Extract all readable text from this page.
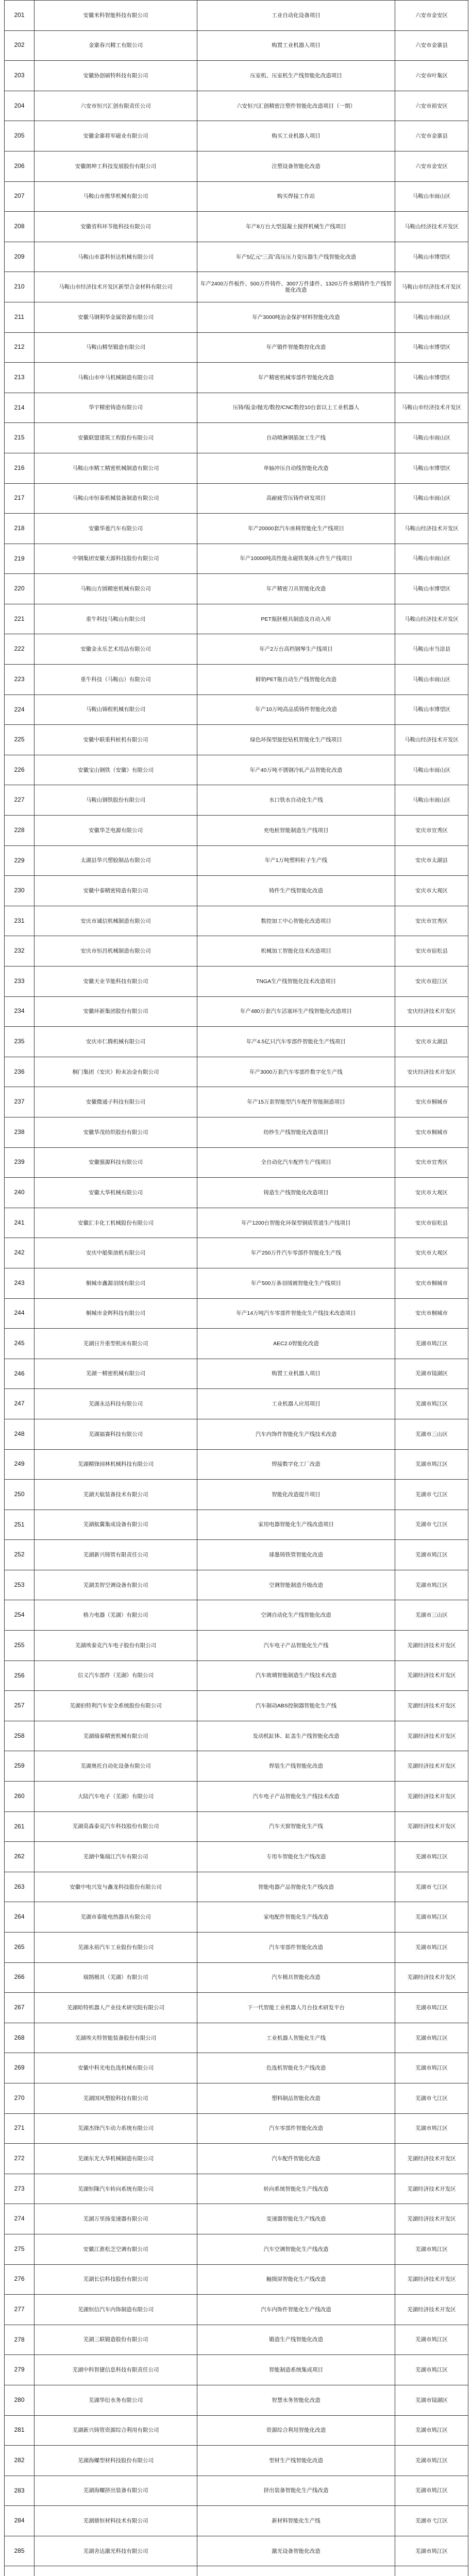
201	安徽米科智能科技有限公司	工业自动化设备项目	六安市金安区
202	金寨春兴精工有限公司	购置工业机器人项目	六安市金寨县
203	安徽协创硕特科技有限公司	压室机、压室机生产线智能化改造项目	六安市叶集区
204	六安市恒兴汇创有限责任公司	六安恒兴汇创精密注塑件智能化改造项目（一期）	六安市裕安区
205	安徽金寨将军磁业有限公司	购买工业机器人项目	六安市金寨县
206	安徽朗坤工科技发展股份有限公司	注塑设备智能化改造	六安市金安区
207	马鞍山市熊华机械有限公司	购买焊接工作站	马鞍山市雨山区
208	安徽省科环节能科技有限公司	年产8万台大型混凝土搅拌机械生产线项目	马鞍山经济技术开发区
209	马鞍山市嘉科恒达机械有限公司	年产5亿元“三高”高压压力变压器生产线智能化改造	马鞍山市博望区
210	马鞍山市经济技术开发区新型合金材料有限公司	年产2400万件板件、500万件铸件、3007万件漆件、1320万件水精铸件生产线智能化改造	马鞍山市经济技术开发区
211	安徽马钢利华金属资源有限公司	年产3000吨冶金保护材料智能化改造	马鞍山市雨山区
212	马鞍山精坚锻造有限公司	年产锻件智能数控化改造	马鞍山市博望区
213	马鞍山市申马机械制造有限公司	年产精密机械零部件智能化改造	马鞍山市博望区
214	华宇精密铸造有限公司	压铸/钣金/抛光/数控/CNC数控10台套以上工业机器人	马鞍山市经济技术开发区
215	安徽联盟建筑工程股份有限公司	自动喷淋钢筋加工生产线	马鞍山市雨山区
216	马鞍山市精工精密机械制造有限公司	单轴冲压自动线智能化改造	马鞍山市博望区
217	马鞍山市恒泰机械装备制造有限公司	高耐疲劳压铸件研发项目	马鞍山市雨山区
218	安徽华菱汽车有限公司	年产20000套汽车座椅智能化生产线项目	马鞍山经济技术开发区
219	中钢集团安徽天源科技股份有限公司	年产10000吨高性能永磁铁氧体元件生产线项目	马鞍山市雨山区
220	马鞍山方圆精密机械有限公司	年产精密刀具智能化改造	马鞍山市博望区
221	重牛科技马鞍山有限公司	PET瓶胚模具制造及自动入库	马鞍山经济技术开发区
222	安徽金永乐艺术用品有限公司	年产2万台高档钢琴生产线项目	马鞍山市当涂县
223	重牛科技（马鞍山）有限公司	鲜奶PET瓶自动生产线智能化改造	马鞍山市雨山区
224	马鞍山锦程机械有限公司	年产10万吨高品质铸件智能化改造	马鞍山市博望区
225	安徽中联重科桩机有限公司	绿色环保型旋挖钻机智能化生产线项目	马鞍山经济技术开发区
226	安徽宝山钢铁（安徽）有限公司	年产40万吨不锈钢冷轧产品智能化改造	马鞍山市雨山区
227	马鞍山钢铁股份有限公司	水口铁水自动化生产线	马鞍山市雨山区
228	安徽华芝电源有限公司	充电桩智能制造生产线项目	安庆市宜秀区
229	太湖县华兴塑胶制品有限公司	年产1万吨塑料粒子生产线	安庆市太湖县
230	安徽中泰精密铸造有限公司	铸件生产线智能化改造	安庆市大观区
231	安庆市诚信机械制造有限公司	数控加工中心智能化改造项目	安庆市宜秀区
232	安庆市恒昌机械制造有限公司	机械加工智能化技术改造项目	安庆市宿松县
233	安徽天业节能科技有限公司	TNGA生产线智能化技术改造项目	安庆市迎江区
234	安徽环新集团股份有限公司	年产480万套汽车活塞环生产线智能化改造项目	安庆经济技术开发区
235	安庆市仁腾机械有限公司	年产4.5亿只汽车零部件智能化生产线项目	安庆市太湖县
236	桐门集团（安庆）粉末冶金有限公司	年产3000万套汽车零部件数字化生产线	安庆经济技术开发区
237	安徽微通子科技有限公司	年产15万套智能型汽车配件智能制造项目	安庆市桐城市
238	安徽华茂纺织股份有限公司	纺纱生产线智能化改造项目	安庆市桐城市
239	安徽强源科技有限公司	全自动化汽车配件生产线项目	安庆市宜秀区
240	安徽大华机械有限公司	铸造生产线智能化改造项目	安庆市大观区
241	安徽汇丰化工机械股份有限公司	年产1200台智能化环保型钢质管道生产线项目	安庆市宿松县
242	安庆中船柴油机有限公司	年产250万件汽车零部件智能化生产线	安庆市大观区
243	桐城市鑫源羽绒有限公司	年产500万条羽绒被智能化生产线项目	安庆市桐城市
244	桐城市金辉科技有限公司	年产14万吨汽车零部件智能化生产线技术改造项目	安庆市桐城市
245	芜湖日升重型机床有限公司	AEC2.0智能化改造	芜湖市鸠江区
246	芜湖一精密机械有限公司	购置工业机器人项目	芜湖市镜湖区
247	芜湖永达科技有限公司	工业机器人应用项目	芜湖市鸠江区
248	芜湖福赛科技有限公司	汽车内饰件智能化生产线技术改造	芜湖市三山区
249	芜湖精锋园林机械科技有限公司	焊接数字化工厂改造	芜湖市鸠江区
250	芜湖天航装备技术有限公司	智能化改造提升项目	芜湖市弋江区
251	芜湖航翼集成设备有限公司	家用电器智能化生产线改造项目	芜湖市弋江区
252	芜湖新兴铸管有限责任公司	球墨铸铁管智能化改造	芜湖市鸠江区
253	芜湖美智空调设备有限公司	空调智能制造升级改造	芜湖市鸠江区
254	格力电器（芜湖）有限公司	空调自动化生产线智能化改造	芜湖市三山区
255	芜湖埃泰克汽车电子股份有限公司	汽车电子产品智能化生产线	芜湖经济技术开发区
256	信义汽车部件（芜湖）有限公司	汽车玻璃智能制造生产线技术改造	芜湖经济技术开发区
257	芜湖伯特利汽车安全系统股份有限公司	汽车制动ABS控制器智能化生产线	芜湖经济技术开发区
258	芜湖瑞泰精密机械有限公司	发动机缸体、缸盖生产线智能化改造	芜湖经济技术开发区
259	芜湖奥托自动化设备有限公司	焊装生产线智能化改造	芜湖经济技术开发区
260	大陆汽车电子（芜湖）有限公司	汽车电子产品智能化生产线技术改造	芜湖经济技术开发区
261	芜湖莫森泰克汽车科技股份有限公司	汽车天窗智能化生产线	芜湖经济技术开发区
262	芜湖中集瑞江汽车有限公司	专用车智能化生产线改造	芜湖市鸠江区
263	安徽中电兴发与鑫龙科技股份有限公司	智能电器产品智能化生产线改造	芜湖市弋江区
264	芜湖市泰能电热器具有限公司	家电配件智能化生产线改造	芜湖市鸠江区
265	芜湖永裕汽车工业股份有限公司	汽车零部件智能化改造	芜湖市鸠江区
266	瑞鹄模具（芜湖）有限公司	汽车模具智能化改造	芜湖经济技术开发区
267	芜湖哈特机器人产业技术研究院有限公司	下一代智能工业机器人月台技术研发平台	芜湖市鸠江区
268	芜湖埃夫特智能装备股份有限公司	工业机器人智能化生产线	芜湖市鸠江区
269	安徽中科光电色选机械有限公司	色选机智能化生产线改造	芜湖市鸠江区
270	芜湖国风塑胶科技有限公司	塑料制品智能化改造	芜湖市弋江区
271	芜湖杰锋汽车动力系统有限公司	汽车零部件智能化改造	芜湖市鸠江区
272	芜湖东光大华机械制造有限公司	汽车配件智能化改造	芜湖经济技术开发区
273	芜湖恒隆汽车转向系统有限公司	转向系统智能化生产线改造	芜湖经济技术开发区
274	芜湖万里扬变速器有限公司	变速器智能化生产线改造	芜湖经济技术开发区
275	安徽江淮松芝空调有限公司	汽车空调智能化生产线改造	芜湖市鸠江区
276	芜湖长信科技股份有限公司	触摸屏智能化生产线改造	芜湖经济技术开发区
277	芜湖恒信汽车内饰制造有限公司	汽车内饰件智能化生产线改造	芜湖经济技术开发区
278	芜湖三联锻造股份有限公司	锻造生产线智能化改造	芜湖市鸠江区
279	芜湖中科智捷信息科技有限责任公司	智能制造系统集成项目	芜湖市鸠江区
280	芜湖华衍水务有限公司	智慧水务智能化改造	芜湖市镜湖区
281	芜湖新兴铸管资源综合利用有限公司	资源综合利用智能化改造	芜湖市鸠江区
282	芜湖海螺型材科技股份有限公司	型材生产线智能化改造	芜湖市鸠江区
283	芜湖海螺挤出装备有限公司	挤出装备智能化生产线改造	芜湖市鸠江区
284	芜湖鼎恒材料技术有限公司	新材料智能化生产线	芜湖市弋江区
285	芜湖舍达激光科技有限公司	激光设备智能化改造	芜湖市鸠江区
